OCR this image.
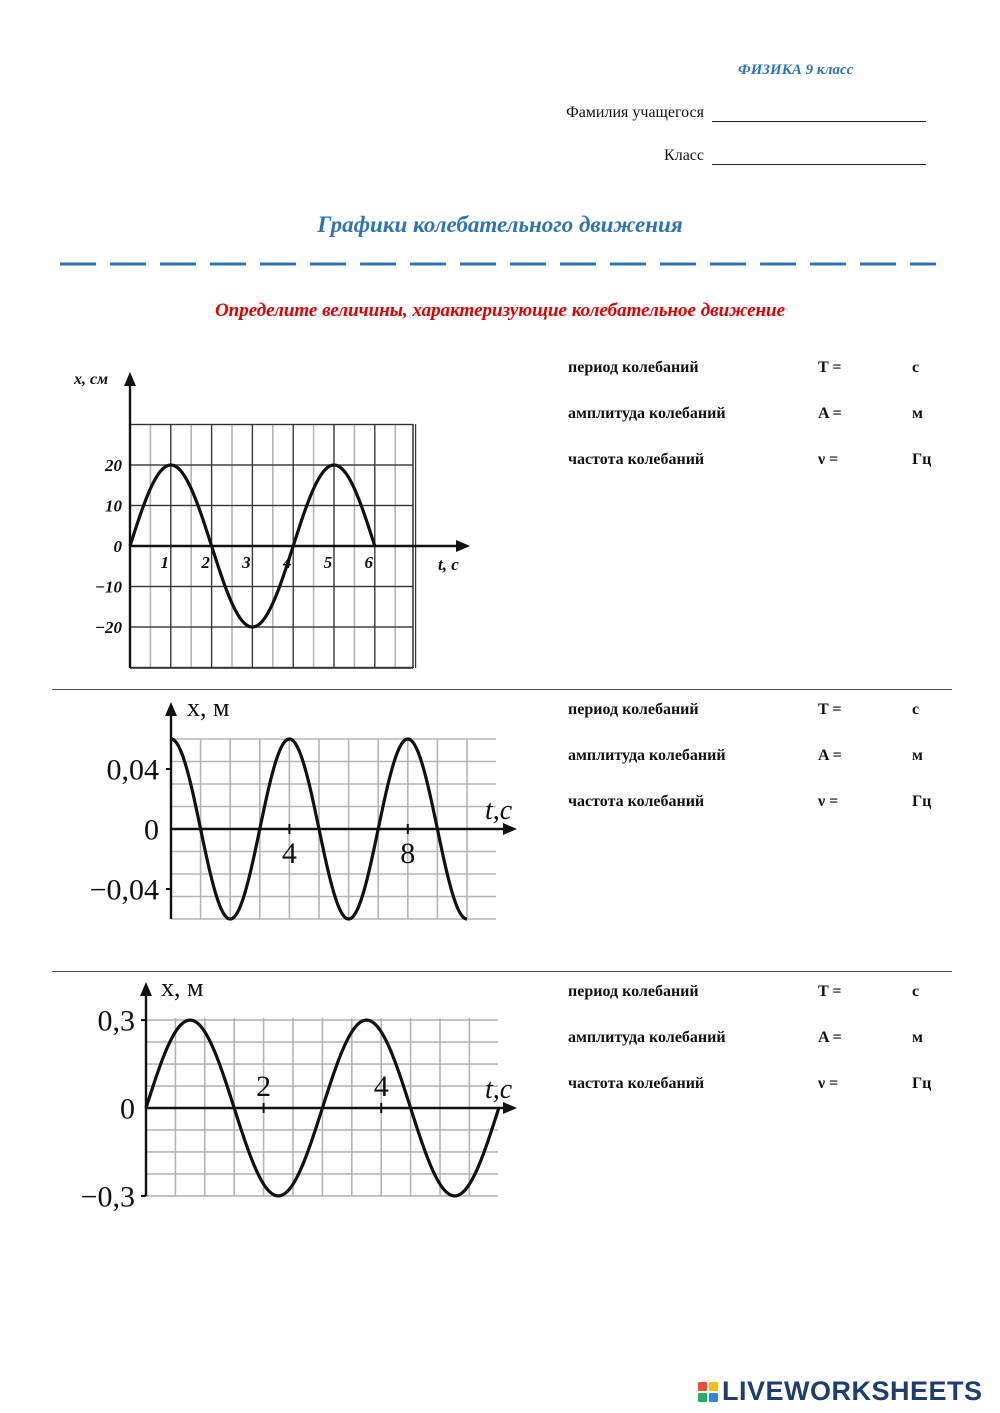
ФИЗИКА 9 класс
Фамилия учащегося
Класс
Графики колебательного движения
Определите величины, характеризующие колебательное движение
20
10
0
−10
−20
1 2 3 4 5 6	t, с
x, см
период колебаний	T =	с
амплитуда колебаний	A =	м
частота колебаний	ν =	Гц
0,04
0
−0,04
4	8
t,с
x, м	период колебаний	T =	с
амплитуда колебаний	A =	м
частота колебаний	ν =	Гц
0,3
0
−0,3
2	4	t,с
x, м	период колебаний	T =	с
амплитуда колебаний	A =	м
частота колебаний	ν =	Гц
LIVEWORKSHEETS
